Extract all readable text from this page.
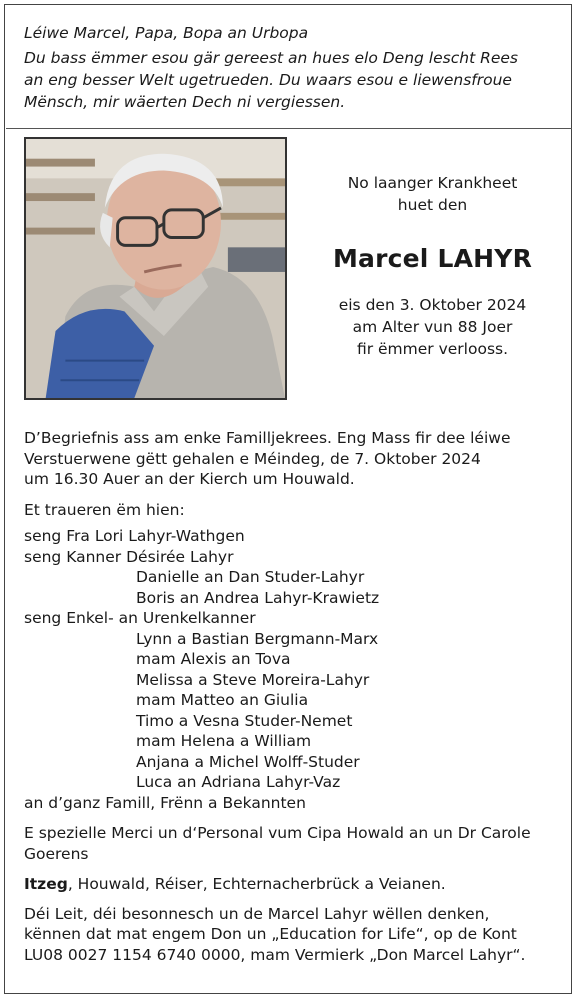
Léiwe Marcel, Papa, Bopa an Urbopa
Du bass ëmmer esou gär gereest an hues elo Deng lescht Rees
an eng besser Welt ugetrueden. Du waars esou e liewensfroue
Mënsch, mir wäerten Dech ni vergiessen.
No laanger Krankheet
huet den
Marcel LAHYR
eis den 3. Oktober 2024
am Alter vun 88 Joer
fir ëmmer verlooss.

D’Begriefnis ass am enke Familljekrees. Eng Mass fir dee léiwe
Verstuerwene gëtt gehalen e Méindeg, de 7. Oktober 2024
um 16.30 Auer an der Kierch um Houwald.

Et traueren ëm hien:

seng Fra
Lori Lahyr-Wathgen
seng Kanner
Désirée Lahyr
Danielle an Dan Studer-Lahyr
Boris an Andrea Lahyr-Krawietz
seng Enkel- an Urenkelkanner
Lynn a Bastian Bergmann-Marx
mam Alexis an Tova
Melissa a Steve Moreira-Lahyr
mam Matteo an Giulia
Timo a Vesna Studer-Nemet
mam Helena a William
Anjana a Michel Wolff-Studer
Luca an Adriana Lahyr-Vaz
an d’ganz Famill, Frënn a Bekannten

E spezielle Merci un d‘Personal vum Cipa Howald an un Dr Carole
Goerens

Itzeg, Houwald, Réiser, Echternacherbrück a Veianen.

Déi Leit, déi besonnesch un de Marcel Lahyr wëllen denken,
kënnen dat mat engem Don un „Education for Life“, op de Kont
LU08 0027 1154 6740 0000, mam Vermierk „Don Marcel Lahyr“.
